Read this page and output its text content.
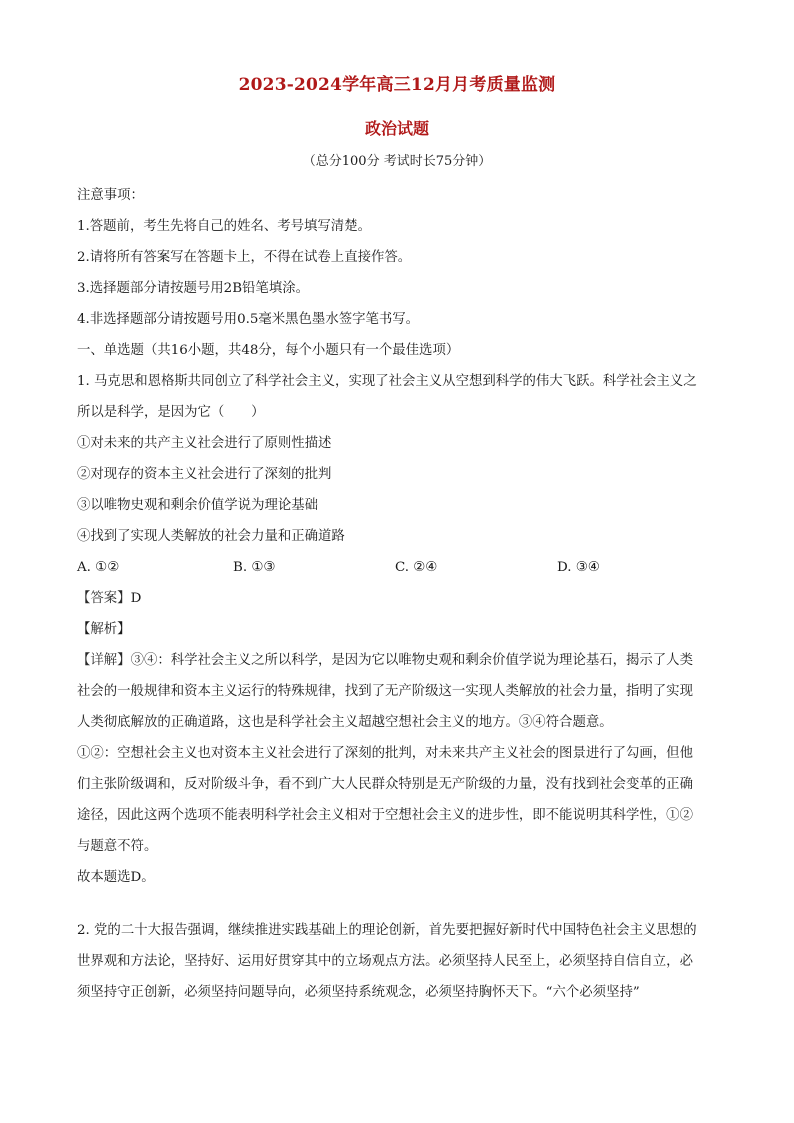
2023-2024学年高三12月月考质量监测
政治试题
（总分100分 考试时长75分钟）

注意事项：

1.答题前，考生先将自己的姓名、考号填写清楚。

2.请将所有答案写在答题卡上，不得在试卷上直接作答。

3.选择题部分请按题号用2B铅笔填涂。

4.非选择题部分请按题号用0.5毫米黑色墨水签字笔书写。

一、单选题（共16小题，共48分，每个小题只有一个最佳选项）

1. 马克思和恩格斯共同创立了科学社会主义，实现了社会主义从空想到科学的伟大飞跃。科学社会主义之

所以是科学，是因为它（　　）

①对未来的共产主义社会进行了原则性描述

②对现存的资本主义社会进行了深刻的批判

③以唯物史观和剩余价值学说为理论基础

④找到了实现人类解放的社会力量和正确道路

A. ①②	B. ①③	C. ②④	D. ③④

【答案】D

【解析】

【详解】③④：科学社会主义之所以科学，是因为它以唯物史观和剩余价值学说为理论基石，揭示了人类

社会的一般规律和资本主义运行的特殊规律，找到了无产阶级这一实现人类解放的社会力量，指明了实现

人类彻底解放的正确道路，这也是科学社会主义超越空想社会主义的地方。③④符合题意。

①②：空想社会主义也对资本主义社会进行了深刻的批判，对未来共产主义社会的图景进行了勾画，但他

们主张阶级调和，反对阶级斗争，看不到广大人民群众特别是无产阶级的力量，没有找到社会变革的正确

途径，因此这两个选项不能表明科学社会主义相对于空想社会主义的进步性，即不能说明其科学性，①②

与题意不符。

故本题选D。

2. 党的二十大报告强调，继续推进实践基础上的理论创新，首先要把握好新时代中国特色社会主义思想的

世界观和方法论，坚持好、运用好贯穿其中的立场观点方法。必须坚持人民至上，必须坚持自信自立，必

须坚持守正创新，必须坚持问题导向，必须坚持系统观念，必须坚持胸怀天下。“六个必须坚持”
